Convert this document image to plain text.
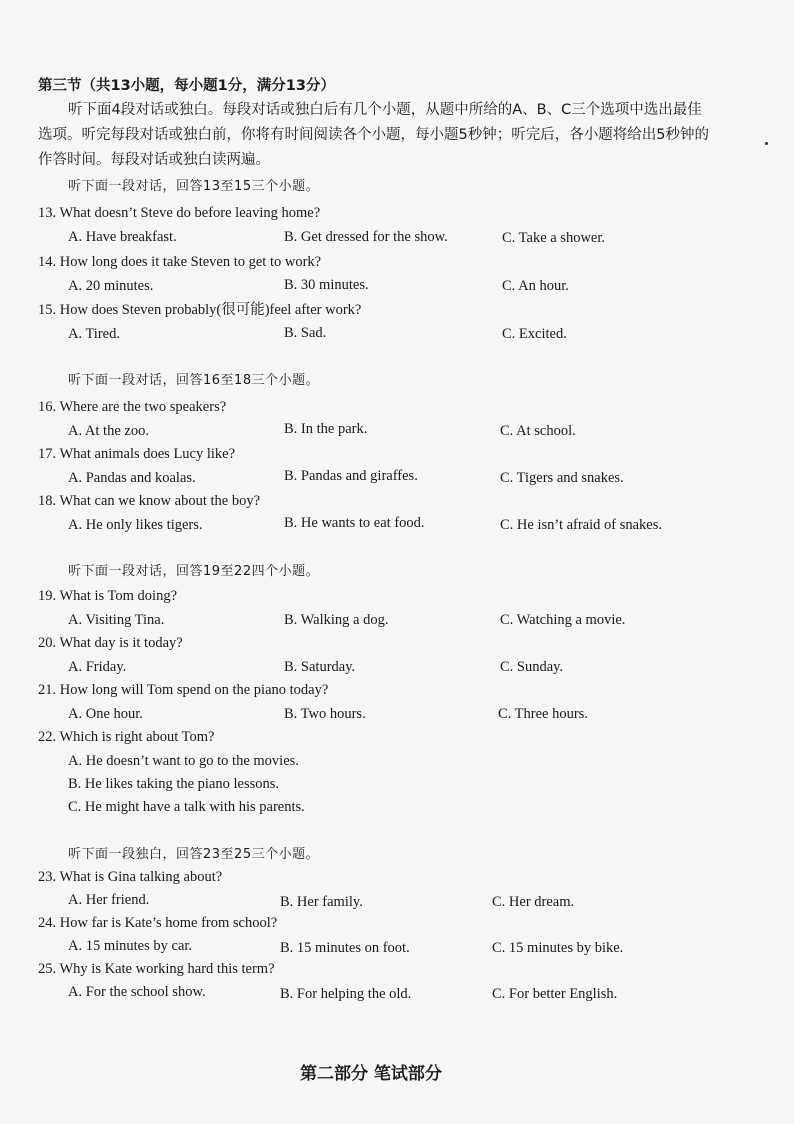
第三节（共13小题，每小题1分，满分13分）
听下面4段对话或独白。每段对话或独白后有几个小题，从题中所给的A、B、C三个选项中选出最佳
选项。听完每段对话或独白前，你将有时间阅读各个小题，每小题5秒钟；听完后，各小题将给出5秒钟的
作答时间。每段对话或独白读两遍。
听下面一段对话，回答13至15三个小题。
13. What doesn’t Steve do before leaving home?
A. Have breakfast.	B. Get dressed for the show.	C. Take a shower.
14. How long does it take Steven to get to work?
A. 20 minutes.	B. 30 minutes.	C. An hour.
15. How does Steven probably(很可能)feel after work?
A. Tired.	B. Sad.	C. Excited.
听下面一段对话，回答16至18三个小题。
16. Where are the two speakers?
A. At the zoo.	B. In the park.	C. At school.
17. What animals does Lucy like?
A. Pandas and koalas.	B. Pandas and giraffes.	C. Tigers and snakes.
18. What can we know about the boy?
A. He only likes tigers.	B. He wants to eat food.	C. He isn’t afraid of snakes.
听下面一段对话，回答19至22四个小题。
19. What is Tom doing?
A. Visiting Tina.	B. Walking a dog.	C. Watching a movie.
20. What day is it today?
A. Friday.	B. Saturday.	C. Sunday.
21. How long will Tom spend on the piano today?
A. One hour.	B. Two hours.	C. Three hours.
22. Which is right about Tom?
A. He doesn’t want to go to the movies.
B. He likes taking the piano lessons.
C. He might have a talk with his parents.
听下面一段独白，回答23至25三个小题。
23. What is Gina talking about?
A. Her friend.	B. Her family.	C. Her dream.
24. How far is Kate’s home from school?
A. 15 minutes by car.	B. 15 minutes on foot.	C. 15 minutes by bike.
25. Why is Kate working hard this term?
A. For the school show.	B. For helping the old.	C. For better English.
第二部分 笔试部分
